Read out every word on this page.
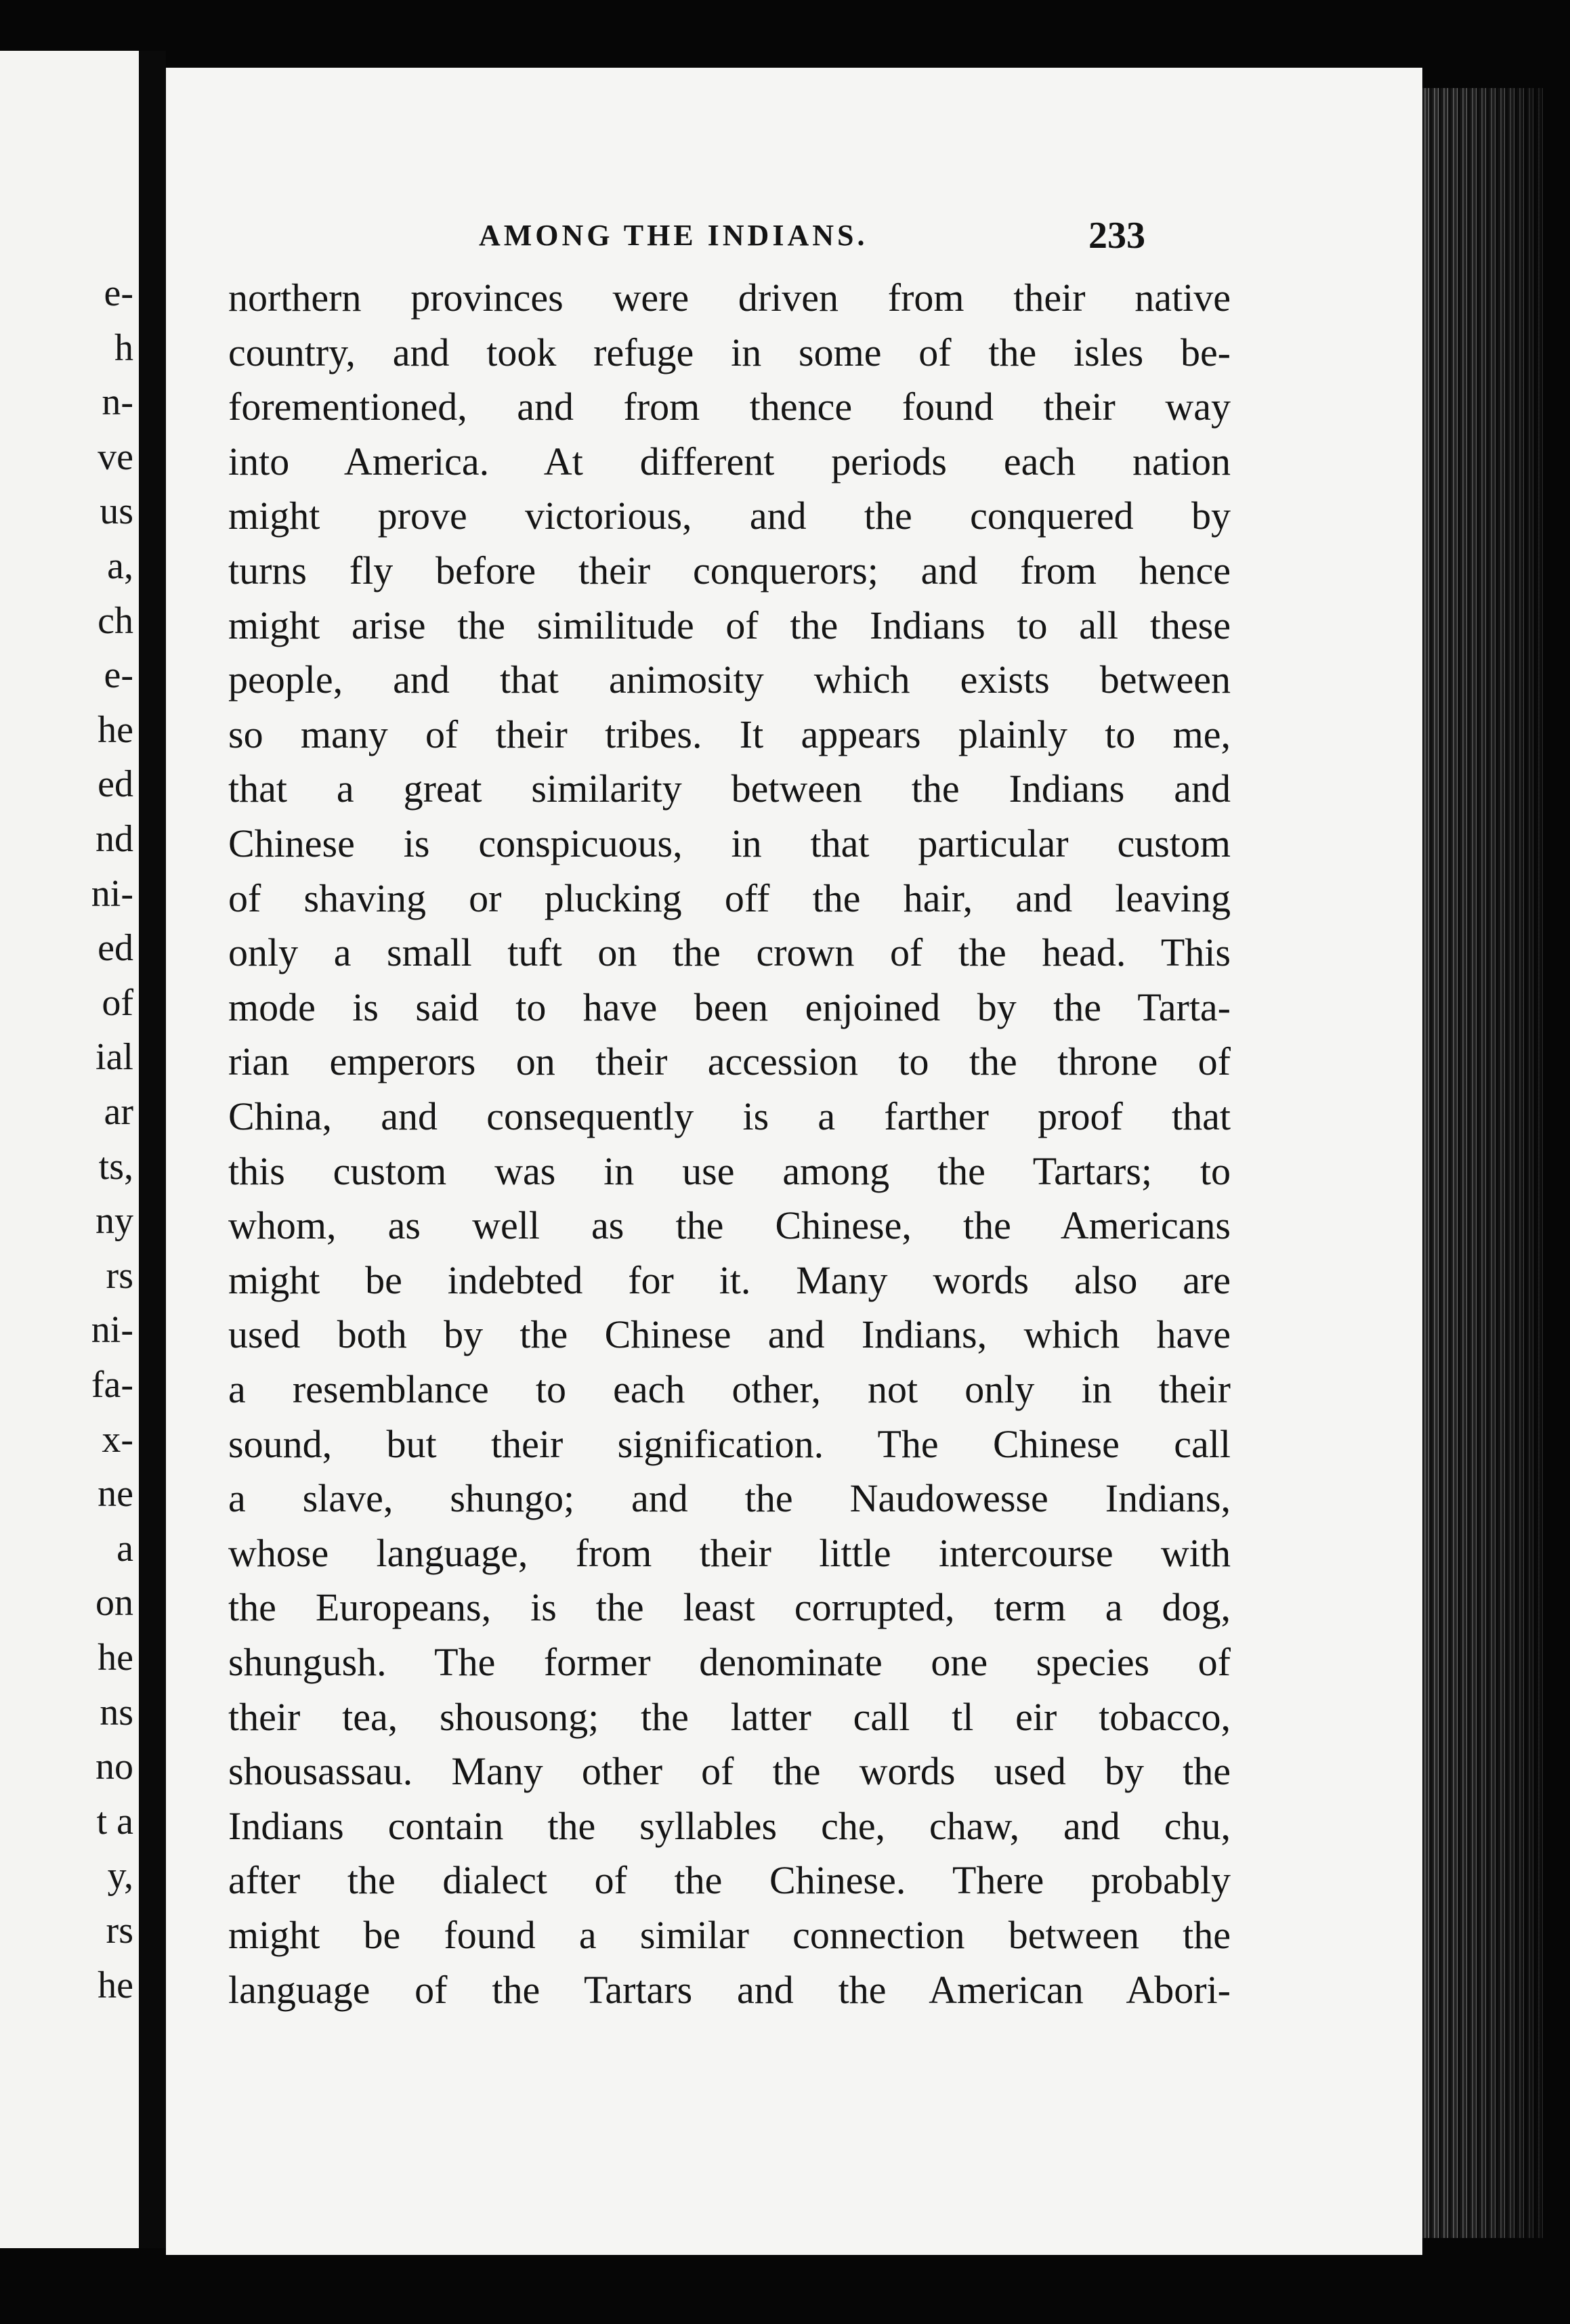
e-
h
n-
ve
us
a,
ch
e-
he
ed
nd
ni-
ed
of
ial
ar
ts,
ny
rs
ni-
fa-
x-
ne
a
on
he
ns
no
t a
y,
rs
he
AMONG THE INDIANS.	233
northern provinces were driven from their native
country, and took refuge in some of the isles be-
forementioned, and from thence found their way
into America. At different periods each nation
might prove victorious, and the conquered by
turns fly before their conquerors; and from hence
might arise the similitude of the Indians to all these
people, and that animosity which exists between
so many of their tribes. It appears plainly to me,
that a great similarity between the Indians and
Chinese is conspicuous, in that particular custom
of shaving or plucking off the hair, and leaving
only a small tuft on the crown of the head. This
mode is said to have been enjoined by the Tarta-
rian emperors on their accession to the throne of
China, and consequently is a farther proof that
this custom was in use among the Tartars; to
whom, as well as the Chinese, the Americans
might be indebted for it. Many words also are
used both by the Chinese and Indians, which have
a resemblance to each other, not only in their
sound, but their signification. The Chinese call
a slave, shungo; and the Naudowesse Indians,
whose language, from their little intercourse with
the Europeans, is the least corrupted, term a dog,
shungush. The former denominate one species of
their tea, shousong; the latter call tl eir tobacco,
shousassau. Many other of the words used by the
Indians contain the syllables che, chaw, and chu,
after the dialect of the Chinese. There probably
might be found a similar connection between the
language of the Tartars and the American Abori-
